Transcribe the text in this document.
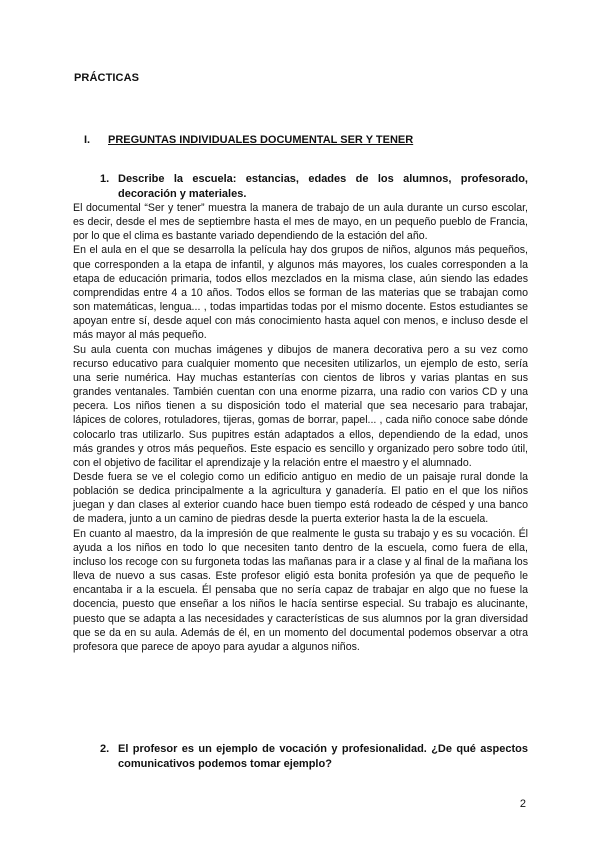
PRÁCTICAS
I. PREGUNTAS INDIVIDUALES DOCUMENTAL SER Y TENER
1. Describe la escuela: estancias, edades de los alumnos, profesorado, decoración y materiales.

El documental “Ser y tener” muestra la manera de trabajo de un aula durante un curso escolar, es decir, desde el mes de septiembre hasta el mes de mayo, en un pequeño pueblo de Francia, por lo que el clima es bastante variado dependiendo de la estación del año.

En el aula en el que se desarrolla la película hay dos grupos de niños, algunos más pequeños, que corresponden a la etapa de infantil, y algunos más mayores, los cuales corresponden a la etapa de educación primaria, todos ellos mezclados en la misma clase, aún siendo las edades comprendidas entre 4 a 10 años. Todos ellos se forman de las materias que se trabajan como son matemáticas, lengua... , todas impartidas todas por el mismo docente. Estos estudiantes se apoyan entre sí, desde aquel con más conocimiento hasta aquel con menos, e incluso desde el más mayor al más pequeño.

Su aula cuenta con muchas imágenes y dibujos de manera decorativa pero a su vez como recurso educativo para cualquier momento que necesiten utilizarlos, un ejemplo de esto, sería una serie numérica. Hay muchas estanterías con cientos de libros y varias plantas en sus grandes ventanales. También cuentan con una enorme pizarra, una radio con varios CD y una pecera. Los niños tienen a su disposición todo el material que sea necesario para trabajar, lápices de colores, rotuladores, tijeras, gomas de borrar, papel... , cada niño conoce sabe dónde colocarlo tras utilizarlo. Sus pupitres están adaptados a ellos, dependiendo de la edad, unos más grandes y otros más pequeños. Este espacio es sencillo y organizado pero sobre todo útil, con el objetivo de facilitar el aprendizaje y la relación entre el maestro y el alumnado.

Desde fuera se ve el colegio como un edificio antiguo en medio de un paisaje rural donde la población se dedica principalmente a la agricultura y ganadería. El patio en el que los niños juegan y dan clases al exterior cuando hace buen tiempo está rodeado de césped y una banco de madera, junto a un camino de piedras desde la puerta exterior hasta la de la escuela.

En cuanto al maestro, da la impresión de que realmente le gusta su trabajo y es su vocación. Él ayuda a los niños en todo lo que necesiten tanto dentro de la escuela, como fuera de ella, incluso los recoge con su furgoneta todas las mañanas para ir a clase y al final de la mañana los lleva de nuevo a sus casas. Este profesor eligió esta bonita profesión ya que de pequeño le encantaba ir a la escuela. Él pensaba que no sería capaz de trabajar en algo que no fuese la docencia, puesto que enseñar a los niños le hacía sentirse especial. Su trabajo es alucinante, puesto que se adapta a las necesidades y características de sus alumnos por la gran diversidad que se da en su aula. Además de él, en un momento del documental podemos observar a otra profesora que parece de apoyo para ayudar a algunos niños.

2. El profesor es un ejemplo de vocación y profesionalidad. ¿De qué aspectos comunicativos podemos tomar ejemplo?
2
